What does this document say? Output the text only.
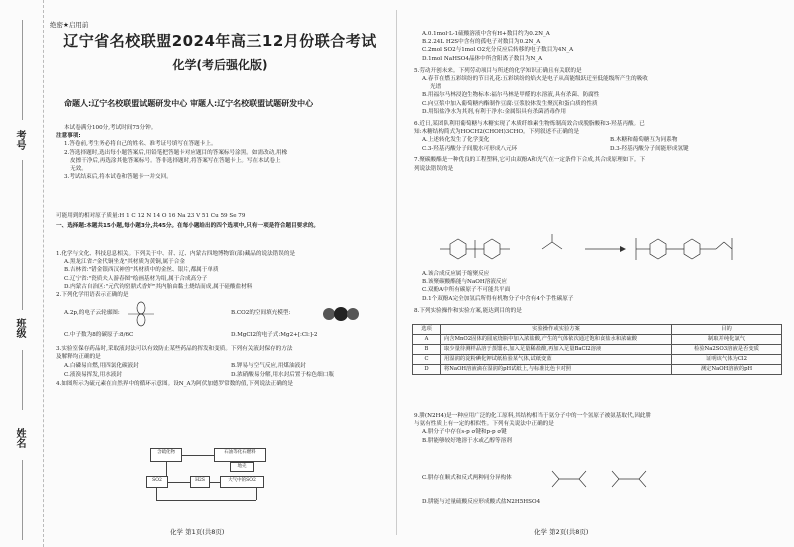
考号
班级
姓名
绝密★启用前
辽宁省名校联盟2024年高三12月份联合考试
化学(考后强化版)
命题人:辽宁名校联盟试题研发中心 审题人:辽宁名校联盟试题研发中心
本试卷满分100分,考试时间75分钟。
注意事项:
1.答卷前,考生务必将自己的姓名、准考证号填写在答题卡上。
2.答选择题时,选出每小题答案后,用铅笔把答题卡对应题目的答案标号涂黑。如需改动,用橡
皮擦干净后,再选涂其他答案标号。答非选择题时,将答案写在答题卡上。写在本试卷上
无效。
3.考试结束后,将本试卷和答题卡一并交回。
可能用到的相对原子质量:H 1 C 12 N 14 O 16 Na 23 V 51 Cu 59 Se 79
一、选择题:本题共15小题,每小题3分,共45分。在每小题给出的四个选项中,只有一项是符合题目要求的。
1.化学与文化、科技息息相关。下列关于中、昔、辽、内蒙古四地博物馆(部)藏品的说法错误的是
A.黑龙江省:"金代铜坐龙"其材质为黄铜,属于合金
B.吉林省:"错金银西汉神兽"其材质中的金丝、银片,都属于单质
C.辽宁省:"瓷质夫人游春图"绘画基材为绢,属于合成高分子
D.内蒙古自治区:"元代钧窑鼎式香炉"其内胎由黏土烧结而成,属于硅酸盐材料
2.下列化学用语表示正确的是
A.2p,的电子云轮廓图:	B.CO2的空间填充模型:
C.中子数为8的碳原子:8/6C	D.MgCl2的电子式:Mg2+[:Cl:]-2
3.实验室保存药品时,采取液封法可以有效防止某些药品的挥发和变质。下列有关液封保存的方法
及解释均正确的是
A.白磷易自燃,用四氯化碳液封	B.钾易与空气反应,用煤油液封
C.液溴易挥发,用水液封	D.浓硝酸易分解,用水封后置于棕色细口瓶
4.如图所示为硫元素在自然界中的循环示意图。设N_A为阿伏加德罗常数的值,下列说法正确的是
含硫化物	石油等化石燃料
H2S
SO2	大气中的SO2
地壳
化学 第1页(共8页)
A.0.1mol·L-1硫酸溶液中含有H+数目约为0.2N_A
B.2.24L H2S中含有的孤电子对数目为0.2N_A
C.2mol SO2与1mol O2充分反应后转移的电子数目为4N_A
D.1mol NaHSO4晶体中所含阳离子数目为N_A
5.劳动开创未来。下列劳动项目与所述的化学知识正确且有关联的是
A.春节在燃五彩缤纷的节日礼花:五彩缤纷的焰火是电子从高能级跃迁至低能级所产生的吸收
光谱
B.用福尔马林浸泡生物标本:福尔马林是甲醛的水溶液,具有杀菌、防腐性
C.向豆浆中加入葡萄糖内酯制作豆腐:豆浆胶体发生聚沉和蛋白质的性质
D.用铝盐净水为其剂,有利于净水:金属铝具有杀菌消毒作用
6.近日,某团队利用葡萄糖与木糖实现了木质纤维素生物炼制高效合成脱脂酸和3-羟基丙酸。已
知:木糖结构简式为HOCH2(CHOH)3CHO。下列叙述不正确的是
A.上述转化发生了化学变化	B.木糖和葡萄糖互为同系物
C.3-羟基丙酸分子间脱水可形成八元环	D.3-羟基丙酸分子间能形成氢键
7.聚碳酸酯是一种优良的工程塑料,它可由双酚A和光气在一定条件下合成,其合成原理如下。下
列说法错误的是
A.该合成反应属于缩聚反应
B.该聚碳酸酯能与NaOH溶液反应
C.双酚A中所有碳原子不可能共平面
D.1个双酚A完全加氢后所得有机物分子中含有4个手性碳原子
8.下列实验操作和实验方案,能达到目的的是
选项	实验操作或实验方案	目的
A	向含MnO2固体的圆底烧瓶中加入浓盐酸,产生的气体依次通过饱和食盐水和浓硫酸	制取并纯化氯气
B	取少量待测样品溶于蒸馏水,加入足量稀盐酸,再加入足量BaCl2溶液	检验Na2SO3溶液是否变质
C	用湿润的淀粉碘化钾试纸检验某气体,试纸变蓝	证明该气体为Cl2
D	将NaOH溶液滴在湿润的pH试纸上,与标准比色卡对照	测定NaOH溶液的pH
9.肼(N2H4)是一种应用广泛的化工原料,其结构相当于氨分子中的一个氢原子被氨基取代,因此肼
与氨有性质上有一定的相似性。下列有关说法中正确的是
A.肼分子中存在s-p σ键和p-p σ键
B.肼能够较好地溶于水或乙醇等溶剂
C.肼存在顺式和反式两种同分异构体
D.肼能与过量硫酸反应形成酸式盐N2H5HSO4
化学 第2页(共8页)
